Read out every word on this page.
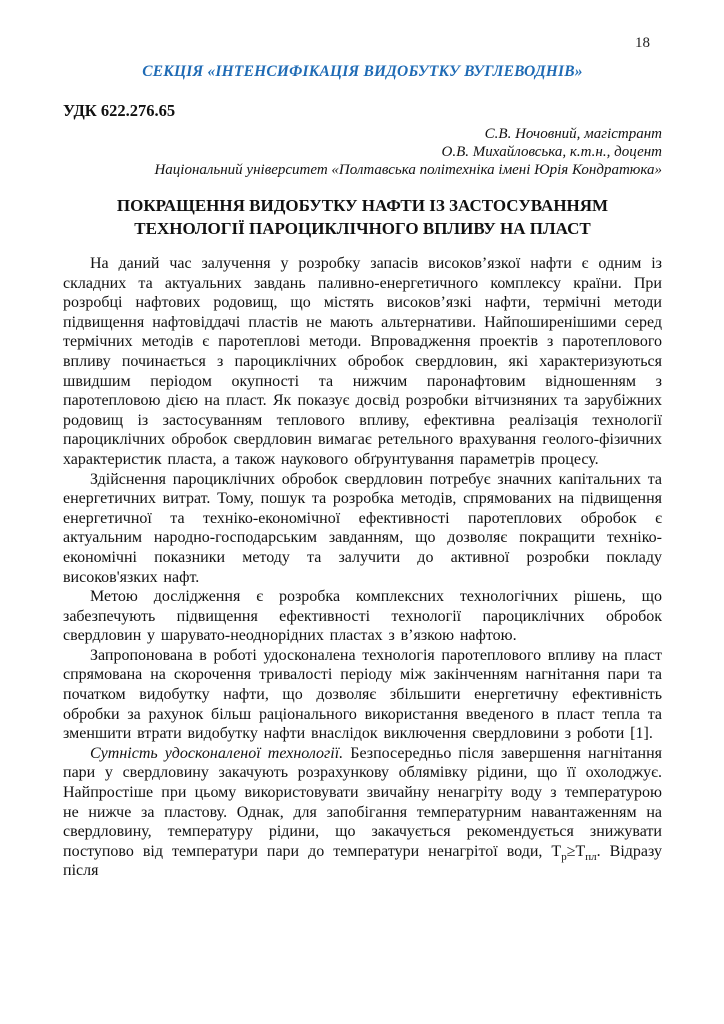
18
СЕКЦІЯ «ІНТЕНСИФІКАЦІЯ ВИДОБУТКУ ВУГЛЕВОДНІВ»
УДК 622.276.65
С.В. Ночовний, магістрант
О.В. Михайловська, к.т.н., доцент
Національний університет «Полтавська політехніка імені Юрія Кондратюка»
ПОКРАЩЕННЯ ВИДОБУТКУ НАФТИ ІЗ ЗАСТОСУВАННЯМ
ТЕХНОЛОГІЇ ПАРОЦИКЛІЧНОГО ВПЛИВУ НА ПЛАСТ

На даний час залучення у розробку запасів високов’язкої нафти є одним із складних та актуальних завдань паливно-енергетичного комплексу країни. При розробці нафтових родовищ, що містять високов’язкі нафти, термічні методи підвищення нафтовіддачі пластів не мають альтернативи. Найпоширенішими серед термічних методів є паротеплові методи. Впровадження проектів з паротеплового впливу починається з пароциклічних обробок свердловин, які характеризуються швидшим періодом окупності та нижчим паронафтовим відношенням з паротепловою дією на пласт. Як показує досвід розробки вітчизняних та зарубіжних родовищ із застосуванням теплового впливу, ефективна реалізація технології пароциклічних обробок свердловин вимагає ретельного врахування геолого-фізичних характеристик пласта, а також наукового обґрунтування параметрів процесу.

Здійснення пароциклічних обробок свердловин потребує значних капітальних та енергетичних витрат. Тому, пошук та розробка методів, спрямованих на підвищення енергетичної та техніко-економічної ефективності паротеплових обробок є актуальним народно-господарським завданням, що дозволяє покращити техніко-економічні показники методу та залучити до активної розробки покладу високов'язких нафт.

Метою дослідження є розробка комплексних технологічних рішень, що забезпечують підвищення ефективності технології пароциклічних обробок свердловин у шарувато-неоднорідних пластах з в’язкою нафтою.

Запропонована в роботі удосконалена технологія паротеплового впливу на пласт спрямована на скорочення тривалості періоду між закінченням нагнітання пари та початком видобутку нафти, що дозволяє збільшити енергетичну ефективність обробки за рахунок більш раціонального використання введеного в пласт тепла та зменшити втрати видобутку нафти внаслідок виключення свердловини з роботи [1].

Сутність удосконаленої технології. Безпосередньо після завершення нагнітання пари у свердловину закачують розрахункову облямівку рідини, що її охолоджує. Найпростіше при цьому використовувати звичайну ненагріту воду з температурою не нижче за пластову. Однак, для запобігання температурним навантаженням на свердловину, температуру рідини, що закачується рекомендується знижувати поступово від температури пари до температури ненагрітої води, $Т_р\ge Т_{пл}$. Відразу після
